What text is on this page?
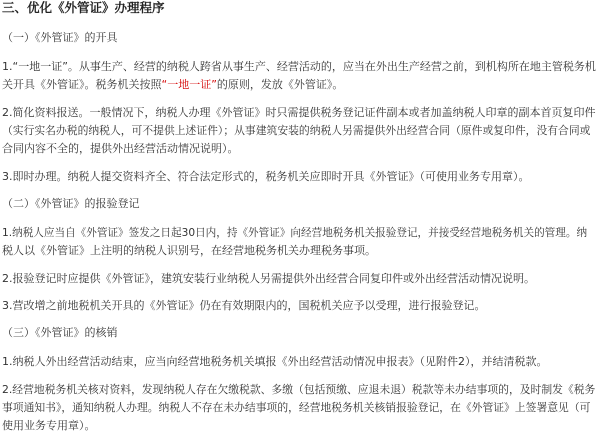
三、优化《外管证》办理程序
（一）《外管证》的开具
1.“一地一证”。从事生产、经营的纳税人跨省从事生产、经营活动的，应当在外出生产经营之前，到机构所在地主管税务机
关开具《外管证》。税务机关按照“一地一证”的原则，发放《外管证》。
2.简化资料报送。一般情况下，纳税人办理《外管证》时只需提供税务登记证件副本或者加盖纳税人印章的副本首页复印件
（实行实名办税的纳税人，可不提供上述证件）；从事建筑安装的纳税人另需提供外出经营合同（原件或复印件，没有合同或
合同内容不全的，提供外出经营活动情况说明）。
3.即时办理。纳税人提交资料齐全、符合法定形式的，税务机关应即时开具《外管证》（可使用业务专用章）。
（二）《外管证》的报验登记
1.纳税人应当自《外管证》签发之日起30日内，持《外管证》向经营地税务机关报验登记，并接受经营地税务机关的管理。纳
税人以《外管证》上注明的纳税人识别号，在经营地税务机关办理税务事项。
2.报验登记时应提供《外管证》，建筑安装行业纳税人另需提供外出经营合同复印件或外出经营活动情况说明。
3.营改增之前地税机关开具的《外管证》仍在有效期限内的，国税机关应予以受理，进行报验登记。
（三）《外管证》的核销
1.纳税人外出经营活动结束，应当向经营地税务机关填报《外出经营活动情况申报表》（见附件2），并结清税款。
2.经营地税务机关核对资料，发现纳税人存在欠缴税款、多缴（包括预缴、应退未退）税款等未办结事项的，及时制发《税务
事项通知书》，通知纳税人办理。纳税人不存在未办结事项的，经营地税务机关核销报验登记，在《外管证》上签署意见（可
使用业务专用章）。
